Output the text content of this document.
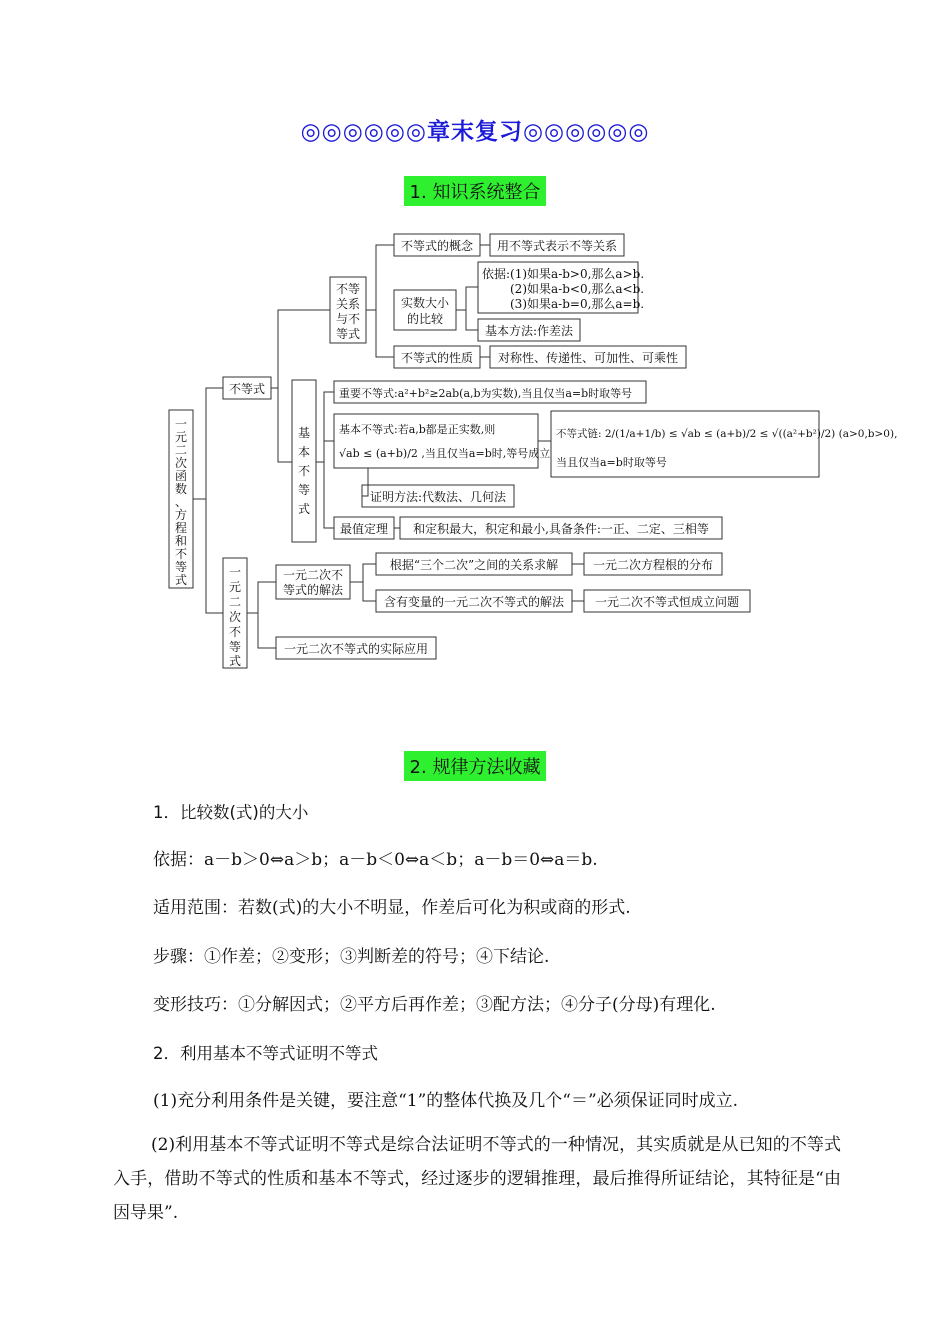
◎◎◎◎◎◎章末复习◎◎◎◎◎◎
1. 知识系统整合
一
元
二
次
函
数
、
方
程
和
不
等
式
不等式
一
元
二
次
不
等
式
不等
关系
与不
等式
不等式的概念 用不等式表示不等关系
实数大小
的比较
依据:(1)如果a-b>0,那么a>b.
(2)如果a-b<0,那么a<b.
(3)如果a-b=0,那么a=b.
基本方法:作差法
不等式的性质 对称性、传递性、可加性、可乘性
基
本
不
等
式
重要不等式:a²+b²≥2ab(a,b为实数),当且仅当a=b时取等号
基本不等式:若a,b都是正实数,则
√ab ≤ (a+b)/2 ,当且仅当a=b时,等号成立
不等式链: 2/(1/a+1/b) ≤ √ab ≤ (a+b)/2 ≤ √((a²+b²)/2) (a>0,b>0),
当且仅当a=b时取等号
证明方法:代数法、几何法
最值定理 和定积最大，积定和最小,具备条件:一正、二定、三相等
一元二次不
等式的解法
根据“三个二次”之间的关系求解	一元二次方程根的分布
含有变量的一元二次不等式的解法	一元二次不等式恒成立问题
一元二次不等式的实际应用
2. 规律方法收藏
1．比较数(式)的大小
依据：a－b＞0⇔a＞b；a－b＜0⇔a＜b；a－b＝0⇔a＝b.
适用范围：若数(式)的大小不明显，作差后可化为积或商的形式.
步骤：①作差；②变形；③判断差的符号；④下结论.
变形技巧：①分解因式；②平方后再作差；③配方法；④分子(分母)有理化.
2．利用基本不等式证明不等式
(1)充分利用条件是关键，要注意“1”的整体代换及几个“＝”必须保证同时成立.
(2)利用基本不等式证明不等式是综合法证明不等式的一种情况，其实质就是从已知的不等式入手，借助不等式的性质和基本不等式，经过逐步的逻辑推理，最后推得所证结论，其特征是“由因导果”.
